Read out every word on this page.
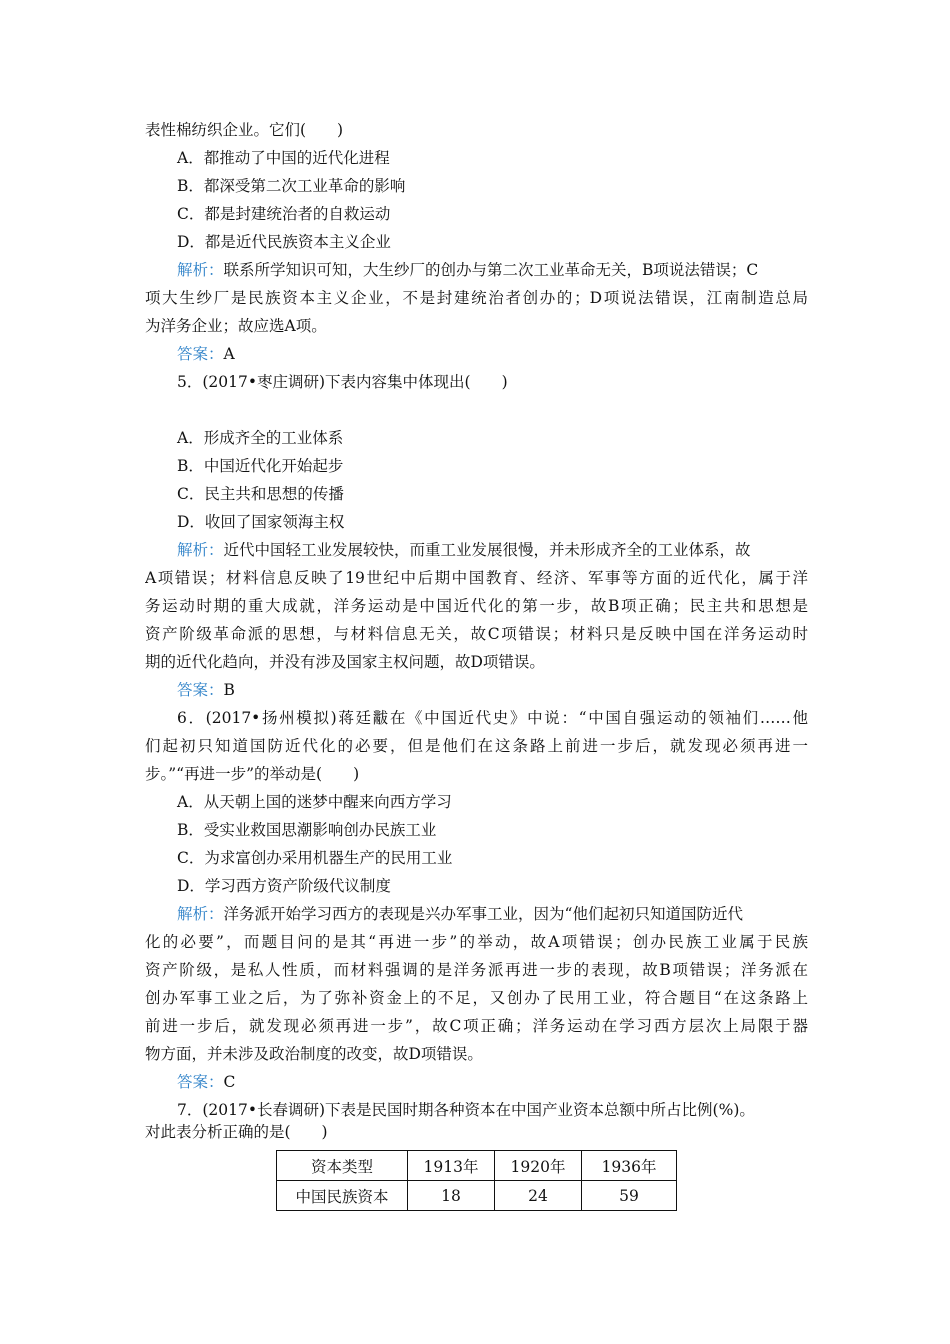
表性棉纺织企业。它们(　　)
A．都推动了中国的近代化进程
B．都深受第二次工业革命的影响
C．都是封建统治者的自救运动
D．都是近代民族资本主义企业
解析：联系所学知识可知，大生纱厂的创办与第二次工业革命无关，B项说法错误；C
项大生纱厂是民族资本主义企业，不是封建统治者创办的；D项说法错误，江南制造总局
为洋务企业；故应选A项。
答案：A
5．(2017•枣庄调研)下表内容集中体现出(　　)
A．形成齐全的工业体系
B．中国近代化开始起步
C．民主共和思想的传播
D．收回了国家领海主权
解析：近代中国轻工业发展较快，而重工业发展很慢，并未形成齐全的工业体系，故
A项错误；材料信息反映了19世纪中后期中国教育、经济、军事等方面的近代化，属于洋
务运动时期的重大成就，洋务运动是中国近代化的第一步，故B项正确；民主共和思想是
资产阶级革命派的思想，与材料信息无关，故C项错误；材料只是反映中国在洋务运动时
期的近代化趋向，并没有涉及国家主权问题，故D项错误。
答案：B
6．(2017•扬州模拟)蒋廷黻在《中国近代史》中说：“中国自强运动的领袖们……他
们起初只知道国防近代化的必要，但是他们在这条路上前进一步后，就发现必须再进一
步。”“再进一步”的举动是(　　)
A．从天朝上国的迷梦中醒来向西方学习
B．受实业救国思潮影响创办民族工业
C．为求富创办采用机器生产的民用工业
D．学习西方资产阶级代议制度
解析：洋务派开始学习西方的表现是兴办军事工业，因为“他们起初只知道国防近代
化的必要”，而题目问的是其“再进一步”的举动，故A项错误；创办民族工业属于民族
资产阶级，是私人性质，而材料强调的是洋务派再进一步的表现，故B项错误；洋务派在
创办军事工业之后，为了弥补资金上的不足，又创办了民用工业，符合题目“在这条路上
前进一步后，就发现必须再进一步”，故C项正确；洋务运动在学习西方层次上局限于器
物方面，并未涉及政治制度的改变，故D项错误。
答案：C
7．(2017•长春调研)下表是民国时期各种资本在中国产业资本总额中所占比例(%)。
对此表分析正确的是(　　)
资本类型	1913年	1920年	1936年
中国民族资本	18	24	59
